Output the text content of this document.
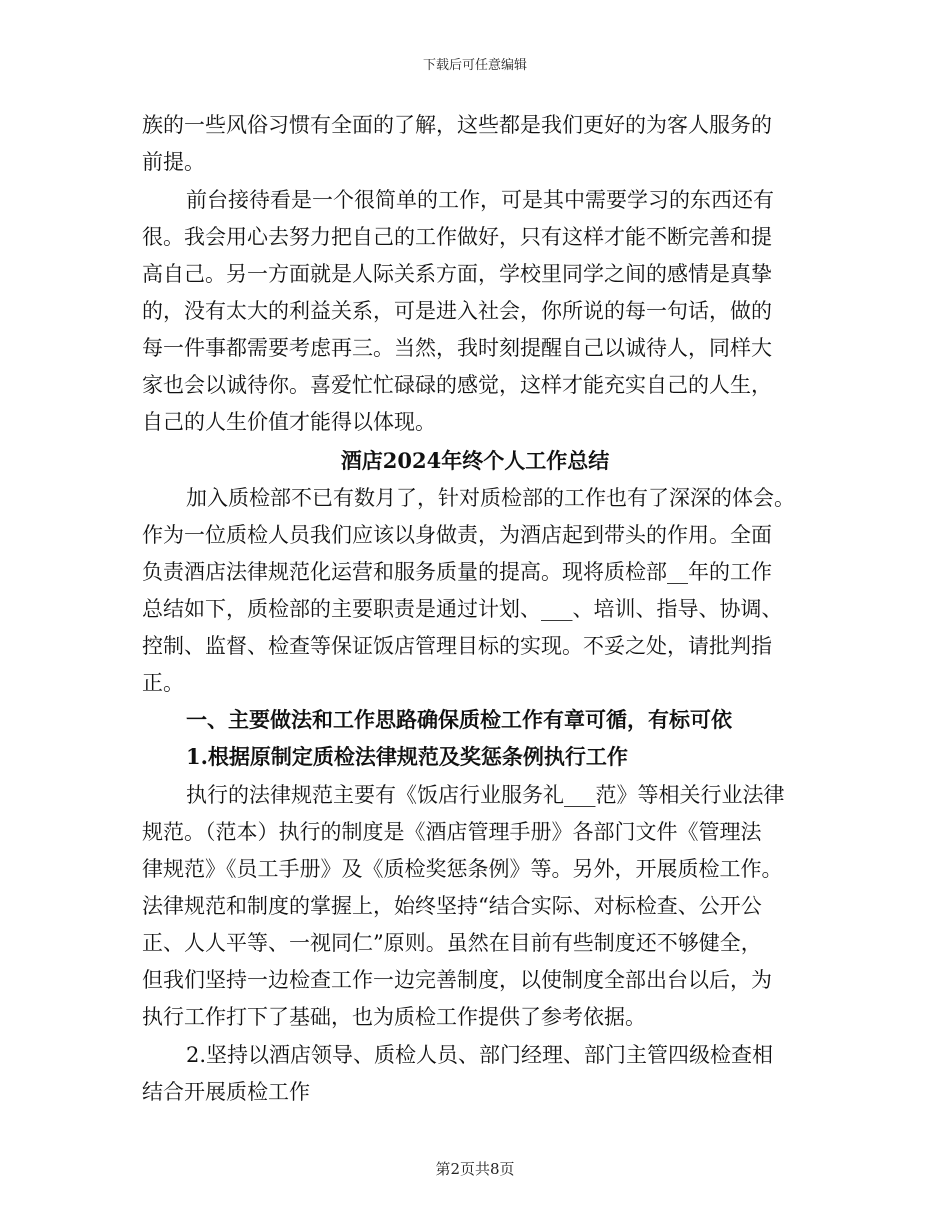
下载后可任意编辑
族的一些风俗习惯有全面的了解，这些都是我们更好的为客人服务的
前提。
前台接待看是一个很简单的工作，可是其中需要学习的东西还有
很。我会用心去努力把自己的工作做好，只有这样才能不断完善和提
高自己。另一方面就是人际关系方面，学校里同学之间的感情是真挚
的，没有太大的利益关系，可是进入社会，你所说的每一句话，做的
每一件事都需要考虑再三。当然，我时刻提醒自己以诚待人，同样大
家也会以诚待你。喜爱忙忙碌碌的感觉，这样才能充实自己的人生，
自己的人生价值才能得以体现。
酒店2024年终个人工作总结
加入质检部不已有数月了，针对质检部的工作也有了深深的体会。
作为一位质检人员我们应该以身做责，为酒店起到带头的作用。全面
负责酒店法律规范化运营和服务质量的提高。现将质检部__年的工作
总结如下，质检部的主要职责是通过计划、___、培训、指导、协调、
控制、监督、检查等保证饭店管理目标的实现。不妥之处，请批判指
正。
一、主要做法和工作思路确保质检工作有章可循，有标可依
1.根据原制定质检法律规范及奖惩条例执行工作
执行的法律规范主要有《饭店行业服务礼___范》等相关行业法律
规范。（范本）执行的制度是《酒店管理手册》各部门文件《管理法
律规范》《员工手册》及《质检奖惩条例》等。另外，开展质检工作。
法律规范和制度的掌握上，始终坚持“结合实际、对标检查、公开公
正、人人平等、一视同仁”原则。虽然在目前有些制度还不够健全，
但我们坚持一边检查工作一边完善制度，以使制度全部出台以后，为
执行工作打下了基础，也为质检工作提供了参考依据。
2.坚持以酒店领导、质检人员、部门经理、部门主管四级检查相
结合开展质检工作
第2页共8页
